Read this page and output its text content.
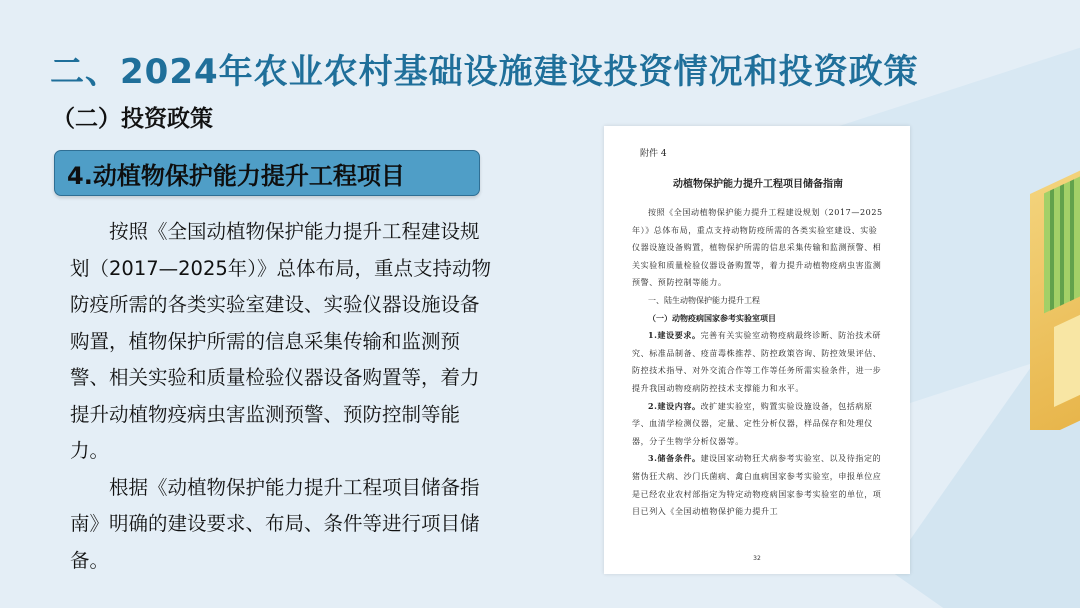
二、2024年农业农村基础设施建设投资情况和投资政策
（二）投资政策
4.动植物保护能力提升工程项目

按照《全国动植物保护能力提升工程建设规划（2017—2025年）》总体布局，重点支持动物防疫所需的各类实验室建设、实验仪器设施设备购置，植物保护所需的信息采集传输和监测预警、相关实验和质量检验仪器设备购置等，着力提升动植物疫病虫害监测预警、预防控制等能力。

根据《动植物保护能力提升工程项目储备指南》明确的建设要求、布局、条件等进行项目储备。

附件 4

动植物保护能力提升工程项目储备指南

按照《全国动植物保护能力提升工程建设规划（2017—2025 年）》总体布局，重点支持动物防疫所需的各类实验室建设、实验仪器设施设备购置，植物保护所需的信息采集传输和监测预警、相关实验和质量检验仪器设备购置等，着力提升动植物疫病虫害监测预警、预防控制等能力。

一、陆生动物保护能力提升工程

（一）动物疫病国家参考实验室项目

1.建设要求。完善有关实验室动物疫病最终诊断、防治技术研究、标准品制备、疫苗毒株推荐、防控政策咨询、防控效果评估、防控技术指导、对外交流合作等工作等任务所需实验条件，进一步提升我国动物疫病防控技术支撑能力和水平。

2.建设内容。改扩建实验室，购置实验设施设备，包括病原学、血清学检测仪器，定量、定性分析仪器，样品保存和处理仪器，分子生物学分析仪器等。

3.储备条件。建设国家动物狂犬病参考实验室、以及待指定的猪伪狂犬病、沙门氏菌病、禽白血病国家参考实验室，申报单位应是已经农业农村部指定为特定动物疫病国家参考实验室的单位，项目已列入《全国动植物保护能力提升工

32
